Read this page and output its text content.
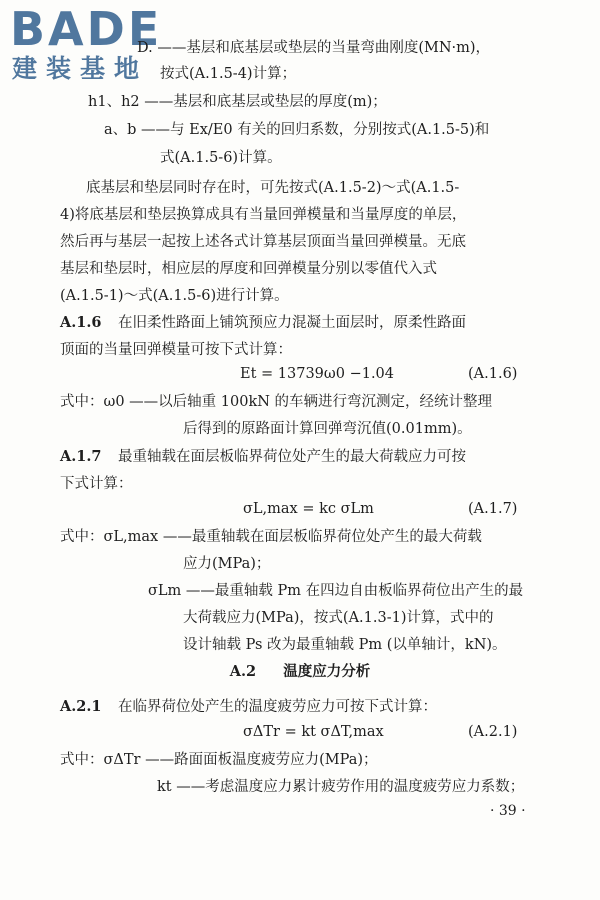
BADE
建装基地
D. ——基层和底基层或垫层的当量弯曲刚度(MN·m)，
按式(A.1.5-4)计算；
h1、h2 ——基层和底基层或垫层的厚度(m)；
a、b ——与 Ex/E0 有关的回归系数，分别按式(A.1.5-5)和
式(A.1.5-6)计算。
底基层和垫层同时存在时，可先按式(A.1.5-2)～式(A.1.5-
4)将底基层和垫层换算成具有当量回弹模量和当量厚度的单层，
然后再与基层一起按上述各式计算基层顶面当量回弹模量。无底
基层和垫层时，相应层的厚度和回弹模量分别以零值代入式
(A.1.5-1)～式(A.1.5-6)进行计算。
A.1.6 在旧柔性路面上铺筑预应力混凝土面层时，原柔性路面
顶面的当量回弹模量可按下式计算：
Et = 13739ω0 −1.04	(A.1.6)
式中：ω0 ——以后轴重 100kN 的车辆进行弯沉测定，经统计整理
后得到的原路面计算回弹弯沉值(0.01mm)。
A.1.7 最重轴载在面层板临界荷位处产生的最大荷载应力可按
下式计算：
σL,max = kc σLm	(A.1.7)
式中：σL,max ——最重轴载在面层板临界荷位处产生的最大荷载
应力(MPa)；
σLm ——最重轴载 Pm 在四边自由板临界荷位出产生的最
大荷载应力(MPa)，按式(A.1.3-1)计算，式中的
设计轴载 Ps 改为最重轴载 Pm (以单轴计，kN)。
A.2 温度应力分析
A.2.1 在临界荷位处产生的温度疲劳应力可按下式计算：
σΔTr = kt σΔT,max	(A.2.1)
式中：σΔTr ——路面面板温度疲劳应力(MPa)；
kt ——考虑温度应力累计疲劳作用的温度疲劳应力系数；
· 39 ·
